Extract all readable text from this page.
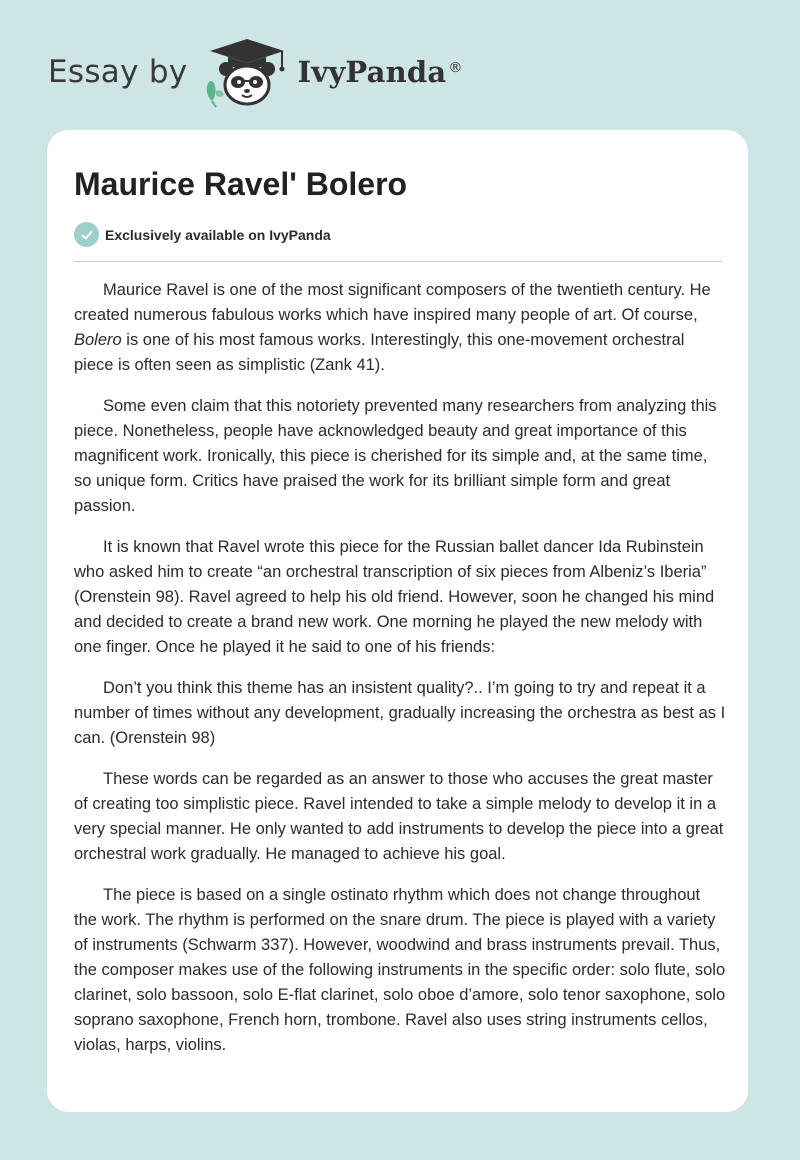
Essay by	IvyPanda ®
Maurice Ravel' Bolero
Exclusively available on IvyPanda

Maurice Ravel is one of the most significant composers of the twentieth century. He created numerous fabulous works which have inspired many people of art. Of course, Bolero is one of his most famous works. Interestingly, this one-movement orchestral piece is often seen as simplistic (Zank 41).

Some even claim that this notoriety prevented many researchers from analyzing this piece. Nonetheless, people have acknowledged beauty and great importance of this magnificent work. Ironically, this piece is cherished for its simple and, at the same time, so unique form. Critics have praised the work for its brilliant simple form and great passion.

It is known that Ravel wrote this piece for the Russian ballet dancer Ida Rubinstein who asked him to create “an orchestral transcription of six pieces from Albeniz’s Iberia” (Orenstein 98). Ravel agreed to help his old friend. However, soon he changed his mind and decided to create a brand new work. One morning he played the new melody with one finger. Once he played it he said to one of his friends:

Don’t you think this theme has an insistent quality?.. I’m going to try and repeat it a number of times without any development, gradually increasing the orchestra as best as I can. (Orenstein 98)

These words can be regarded as an answer to those who accuses the great master of creating too simplistic piece. Ravel intended to take a simple melody to develop it in a very special manner. He only wanted to add instruments to develop the piece into a great orchestral work gradually. He managed to achieve his goal.

The piece is based on a single ostinato rhythm which does not change throughout the work. The rhythm is performed on the snare drum. The piece is played with a variety of instruments (Schwarm 337). However, woodwind and brass instruments prevail. Thus, the composer makes use of the following instruments in the specific order: solo flute, solo clarinet, solo bassoon, solo E-flat clarinet, solo oboe d’amore, solo tenor saxophone, solo soprano saxophone, French horn, trombone. Ravel also uses string instruments cellos, violas, harps, violins.
